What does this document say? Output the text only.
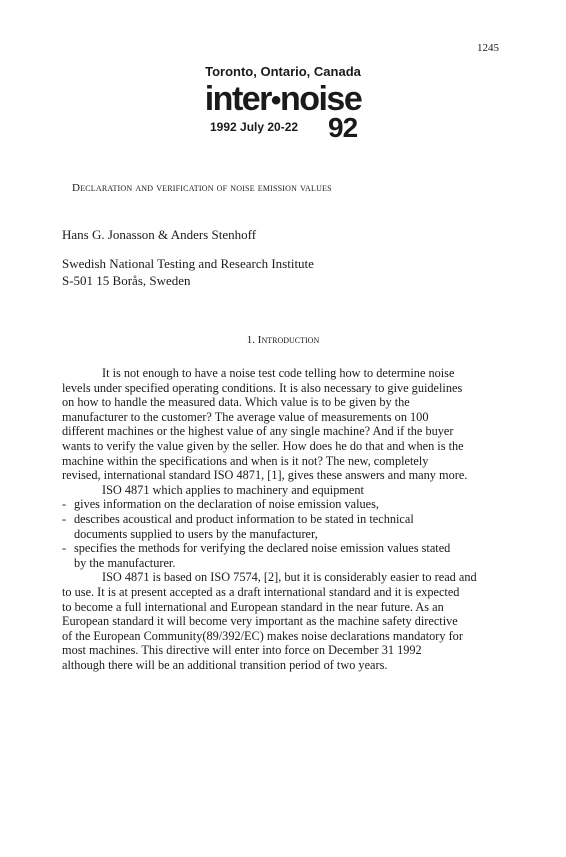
1245
Toronto, Ontario, Canada
inter•noise
1992 July 20-22 92
Declaration and verification of noise emission values
Hans G. Jonasson & Anders Stenhoff
Swedish National Testing and Research Institute
S-501 15 Borås, Sweden
1. Introduction

It is not enough to have a noise test code telling how to determine noise

levels under specified operating conditions. It is also necessary to give guidelines

on how to handle the measured data. Which value is to be given by the

manufacturer to the customer? The average value of measurements on 100

different machines or the highest value of any single machine? And if the buyer

wants to verify the value given by the seller. How does he do that and when is the

machine within the specifications and when is it not? The new, completely

revised, international standard ISO 4871, [1], gives these answers and many more.

ISO 4871 which applies to machinery and equipment

- gives information on the declaration of noise emission values,
- describes acoustical and product information to be stated in technical

documents supplied to users by the manufacturer,

- specifies the methods for verifying the declared noise emission values stated

by the manufacturer.

ISO 4871 is based on ISO 7574, [2], but it is considerably easier to read and

to use. It is at present accepted as a draft international standard and it is expected

to become a full international and European standard in the near future. As an

European standard it will become very important as the machine safety directive

of the European Community(89/392/EC) makes noise declarations mandatory for

most machines. This directive will enter into force on December 31 1992

although there will be an additional transition period of two years.
